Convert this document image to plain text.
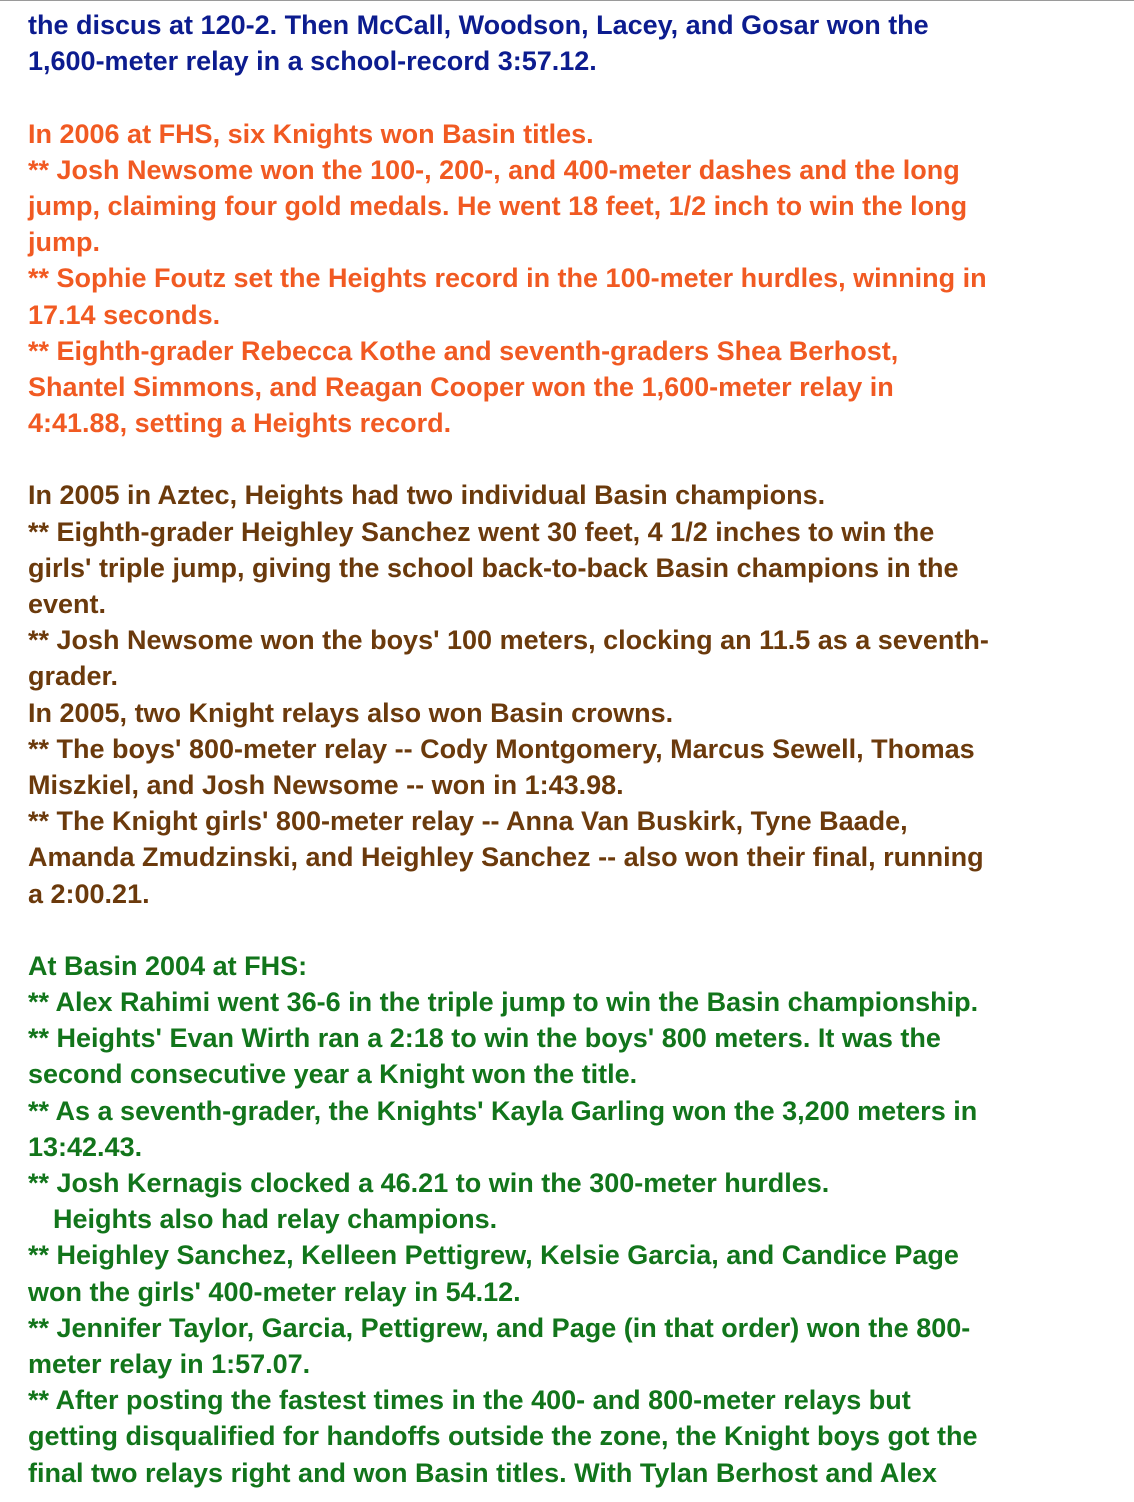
the discus at 120-2. Then McCall, Woodson, Lacey, and Gosar won the
1,600-meter relay in a school-record 3:57.12.
In 2006 at FHS, six Knights won Basin titles.
** Josh Newsome won the 100-, 200-, and 400-meter dashes and the long
jump, claiming four gold medals. He went 18 feet, 1/2 inch to win the long
jump.
** Sophie Foutz set the Heights record in the 100-meter hurdles, winning in
17.14 seconds.
** Eighth-grader Rebecca Kothe and seventh-graders Shea Berhost,
Shantel Simmons, and Reagan Cooper won the 1,600-meter relay in
4:41.88, setting a Heights record.
In 2005 in Aztec, Heights had two individual Basin champions.
** Eighth-grader Heighley Sanchez went 30 feet, 4 1/2 inches to win the
girls' triple jump, giving the school back-to-back Basin champions in the
event.
** Josh Newsome won the boys' 100 meters, clocking an 11.5 as a seventh-
grader.
In 2005, two Knight relays also won Basin crowns.
** The boys' 800-meter relay -- Cody Montgomery, Marcus Sewell, Thomas
Miszkiel, and Josh Newsome -- won in 1:43.98.
** The Knight girls' 800-meter relay -- Anna Van Buskirk, Tyne Baade,
Amanda Zmudzinski, and Heighley Sanchez -- also won their final, running
a 2:00.21.
At Basin 2004 at FHS:
** Alex Rahimi went 36-6 in the triple jump to win the Basin championship.
** Heights' Evan Wirth ran a 2:18 to win the boys' 800 meters. It was the
second consecutive year a Knight won the title.
** As a seventh-grader, the Knights' Kayla Garling won the 3,200 meters in
13:42.43.
** Josh Kernagis clocked a 46.21 to win the 300-meter hurdles.
Heights also had relay champions.
** Heighley Sanchez, Kelleen Pettigrew, Kelsie Garcia, and Candice Page
won the girls' 400-meter relay in 54.12.
** Jennifer Taylor, Garcia, Pettigrew, and Page (in that order) won the 800-
meter relay in 1:57.07.
** After posting the fastest times in the 400- and 800-meter relays but
getting disqualified for handoffs outside the zone, the Knight boys got the
final two relays right and won Basin titles. With Tylan Berhost and Alex
